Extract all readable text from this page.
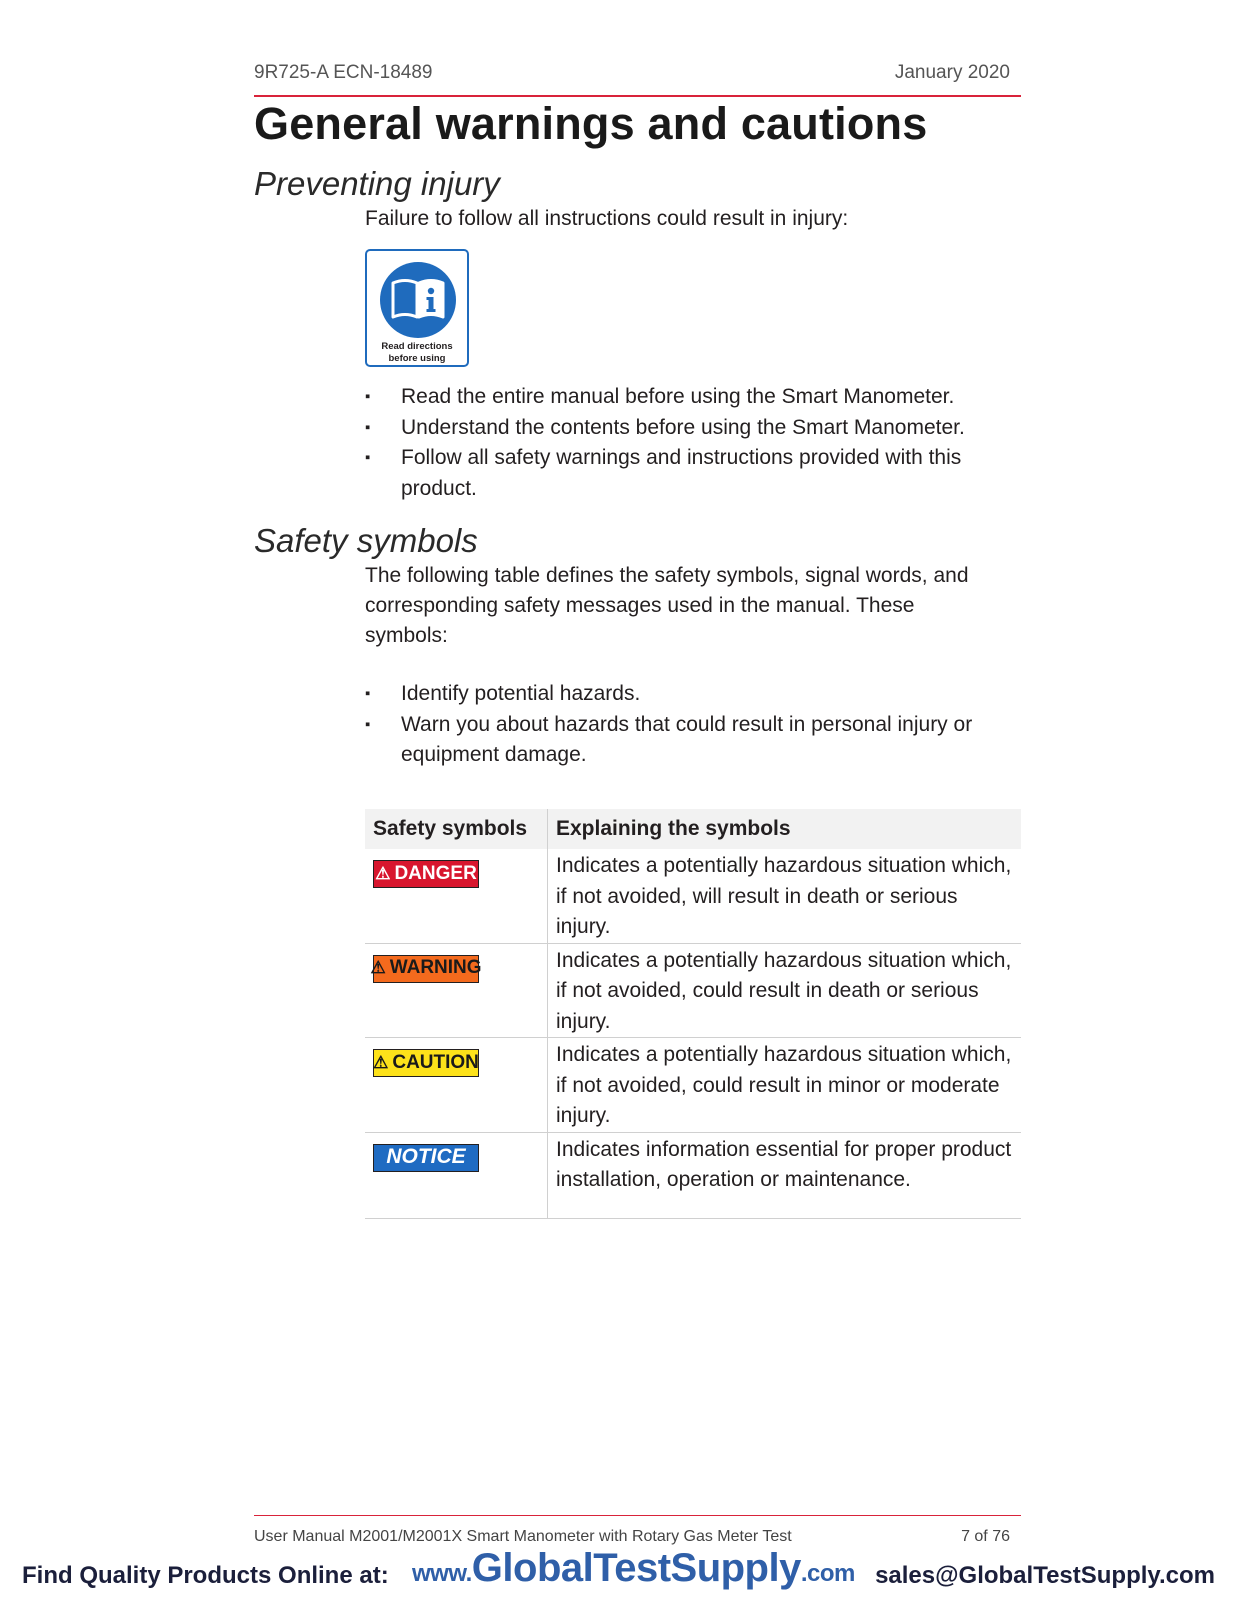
9R725-A ECN-18489	January 2020
General warnings and cautions
Preventing injury
Failure to follow all instructions could result in injury:
Read directions
before using
▪ Read the entire manual before using the Smart Manometer.
▪ Understand the contents before using the Smart Manometer.
▪ Follow all safety warnings and instructions provided with this product.
Safety symbols
The following table defines the safety symbols, signal words, and corresponding safety messages used in the manual. These symbols:
▪ Identify potential hazards.
▪ Warn you about hazards that could result in personal injury or equipment damage.
Safety symbols	Explaining the symbols

⚠ DANGER	Indicates a potentially hazardous situation which, if not avoided, will result in death or serious injury.

⚠ WARNING	Indicates a potentially hazardous situation which, if not avoided, could result in death or serious injury.

⚠ CAUTION	Indicates a potentially hazardous situation which, if not avoided, could result in minor or moderate injury.

NOTICE	Indicates information essential for proper product installation, operation or maintenance.
User Manual M2001/M2001X Smart Manometer with Rotary Gas Meter Test	7 of 76
Find Quality Products Online at: www.GlobalTestSupply.com sales@GlobalTestSupply.com
